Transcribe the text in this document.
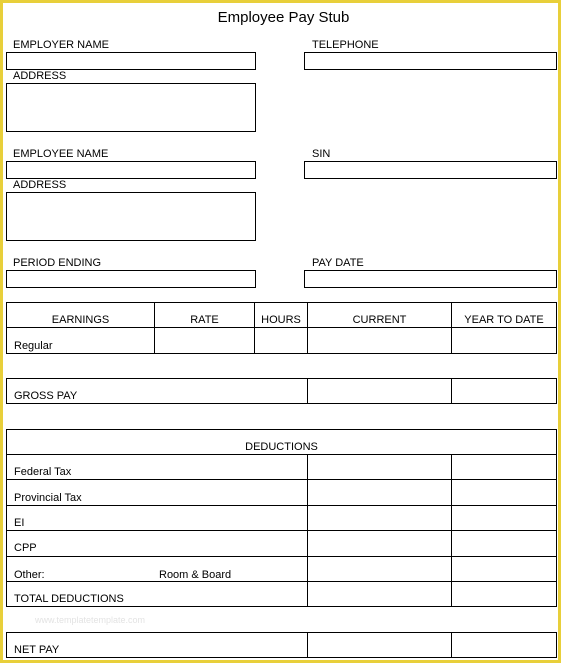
Employee Pay Stub
EMPLOYER NAME	TELEPHONE
ADDRESS
EMPLOYEE NAME	SIN
ADDRESS
PERIOD ENDING	PAY DATE
EARNINGS	RATE	HOURS	CURRENT	YEAR TO DATE
Regular
GROSS PAY
DEDUCTIONS
Federal Tax
Provincial Tax
EI
CPP
Other:	Room & Board
TOTAL DEDUCTIONS
www.templatetemplate.com
NET PAY
